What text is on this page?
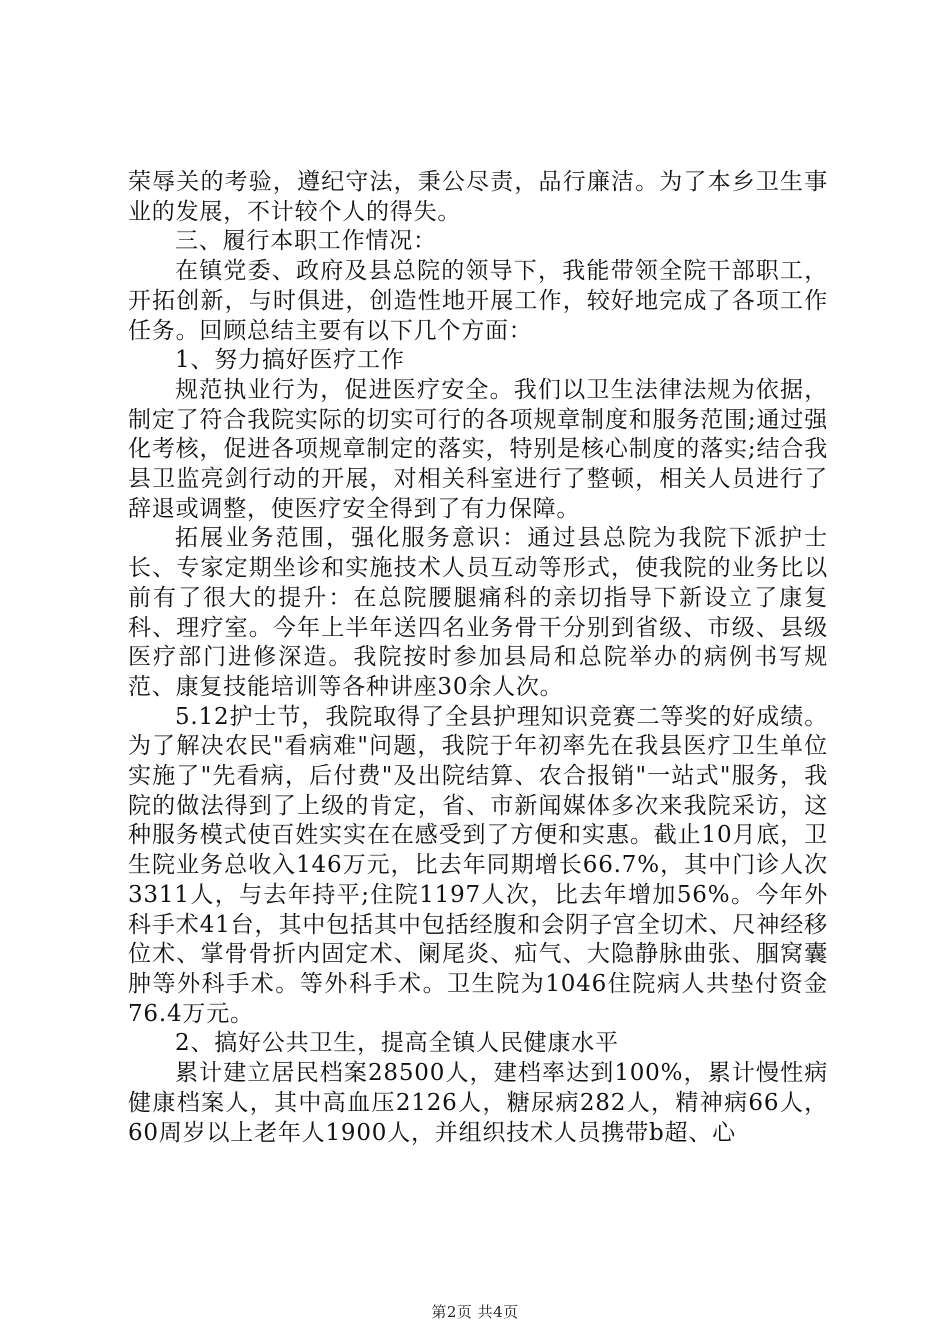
荣辱关的考验，遵纪守法，秉公尽责，品行廉洁。为了本乡卫生事业的发展，不计较个人的得失。

三、履行本职工作情况：

在镇党委、政府及县总院的领导下，我能带领全院干部职工，开拓创新，与时俱进，创造性地开展工作，较好地完成了各项工作任务。回顾总结主要有以下几个方面：

1、努力搞好医疗工作

规范执业行为，促进医疗安全。我们以卫生法律法规为依据，制定了符合我院实际的切实可行的各项规章制度和服务范围;通过强化考核，促进各项规章制定的落实，特别是核心制度的落实;结合我县卫监亮剑行动的开展，对相关科室进行了整顿，相关人员进行了辞退或调整，使医疗安全得到了有力保障。

拓展业务范围，强化服务意识：通过县总院为我院下派护士长、专家定期坐诊和实施技术人员互动等形式，使我院的业务比以前有了很大的提升：在总院腰腿痛科的亲切指导下新设立了康复科、理疗室。今年上半年送四名业务骨干分别到省级、市级、县级医疗部门进修深造。我院按时参加县局和总院举办的病例书写规范、康复技能培训等各种讲座30余人次。

5.12护士节，我院取得了全县护理知识竞赛二等奖的好成绩。为了解决农民"看病难"问题，我院于年初率先在我县医疗卫生单位实施了"先看病，后付费"及出院结算、农合报销"一站式"服务，我院的做法得到了上级的肯定，省、市新闻媒体多次来我院采访，这种服务模式使百姓实实在在感受到了方便和实惠。截止10月底，卫生院业务总收入146万元，比去年同期增长66.7%，其中门诊人次3311人，与去年持平;住院1197人次，比去年增加56%。今年外科手术41台，其中包括其中包括经腹和会阴子宫全切术、尺神经移位术、掌骨骨折内固定术、阑尾炎、疝气、大隐静脉曲张、腘窝囊肿等外科手术。等外科手术。卫生院为1046住院病人共垫付资金76.4万元。

2、搞好公共卫生，提高全镇人民健康水平

累计建立居民档案28500人，建档率达到100%，累计慢性病健康档案人，其中高血压2126人，糖尿病282人，精神病66人，60周岁以上老年人1900人，并组织技术人员携带b超、心

第2页 共4页
